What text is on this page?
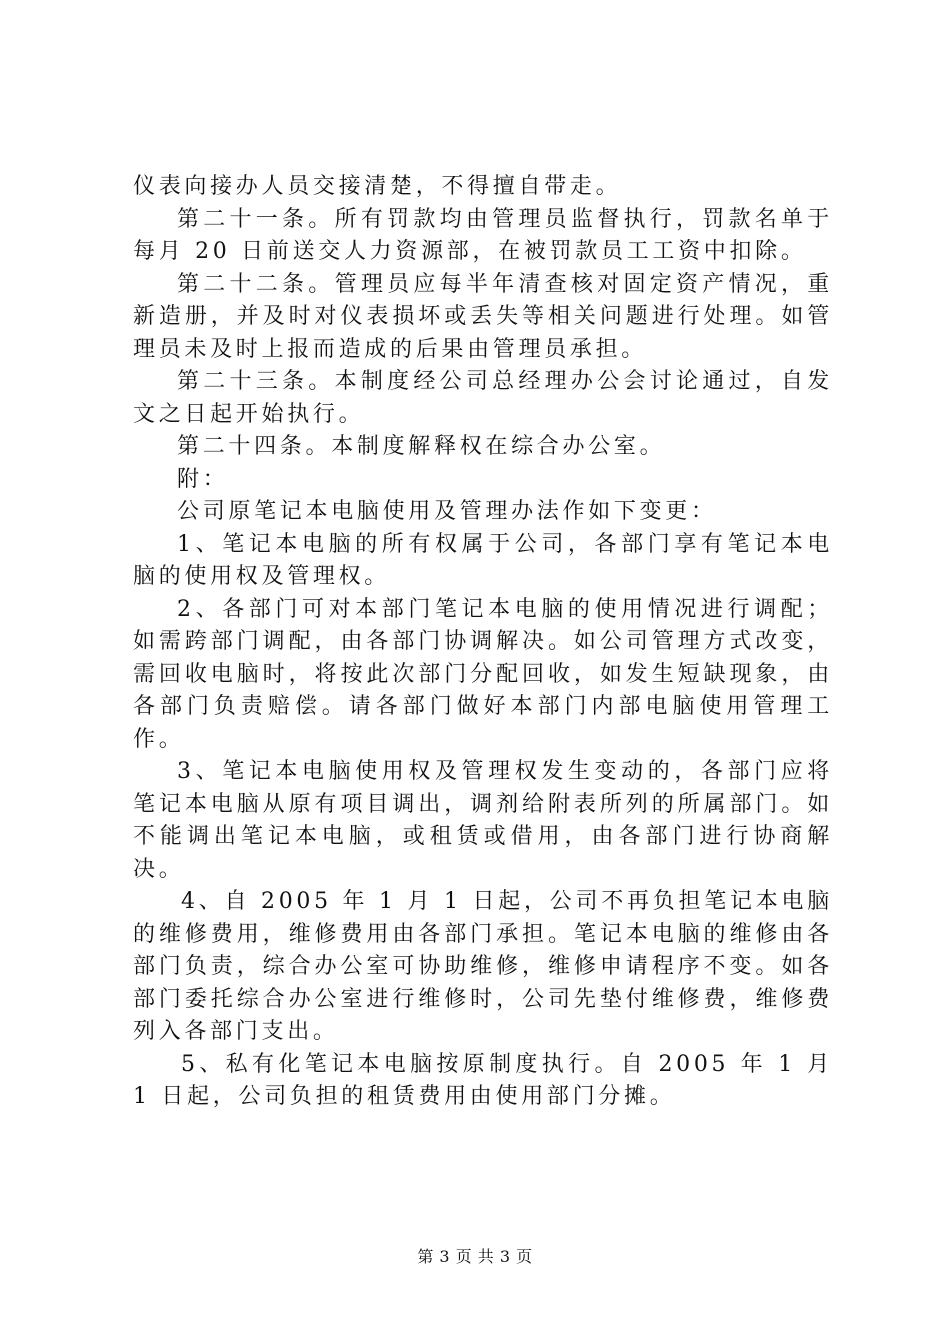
仪表向接办人员交接清楚，不得擅自带走。

第二十一条。所有罚款均由管理员监督执行，罚款名单于每月 20 日前送交人力资源部，在被罚款员工工资中扣除。

第二十二条。管理员应每半年清查核对固定资产情况，重新造册，并及时对仪表损坏或丢失等相关问题进行处理。如管理员未及时上报而造成的后果由管理员承担。

第二十三条。本制度经公司总经理办公会讨论通过，自发文之日起开始执行。

第二十四条。本制度解释权在综合办公室。

附：

公司原笔记本电脑使用及管理办法作如下变更：

1、笔记本电脑的所有权属于公司，各部门享有笔记本电脑的使用权及管理权。

2、各部门可对本部门笔记本电脑的使用情况进行调配；如需跨部门调配，由各部门协调解决。如公司管理方式改变，需回收电脑时，将按此次部门分配回收，如发生短缺现象，由各部门负责赔偿。请各部门做好本部门内部电脑使用管理工作。

3、笔记本电脑使用权及管理权发生变动的，各部门应将笔记本电脑从原有项目调出，调剂给附表所列的所属部门。如不能调出笔记本电脑，或租赁或借用，由各部门进行协商解决。

4、自 2005 年 1 月 1 日起，公司不再负担笔记本电脑的维修费用，维修费用由各部门承担。笔记本电脑的维修由各部门负责，综合办公室可协助维修，维修申请程序不变。如各部门委托综合办公室进行维修时，公司先垫付维修费，维修费列入各部门支出。

5、私有化笔记本电脑按原制度执行。自 2005 年 1 月 1 日起，公司负担的租赁费用由使用部门分摊。

第 3 页 共 3 页
